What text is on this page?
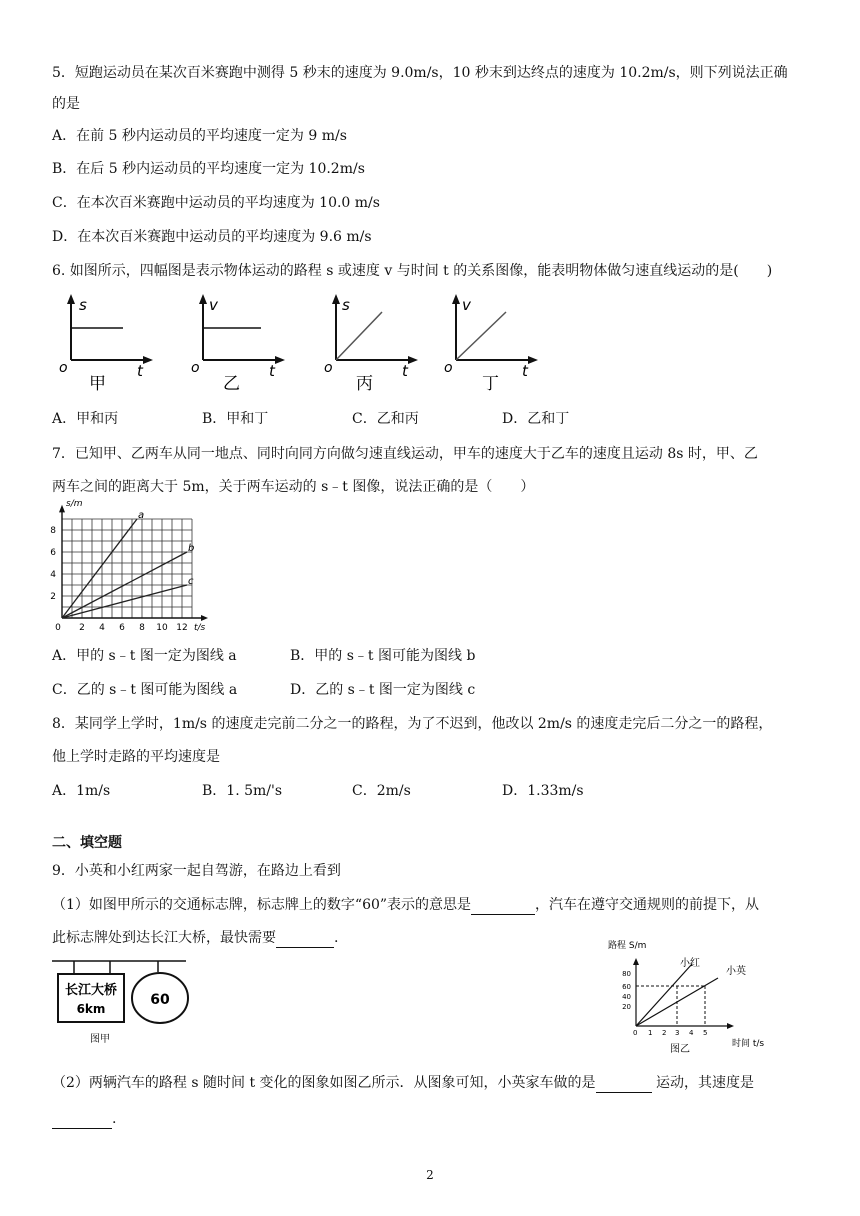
5．短跑运动员在某次百米赛跑中测得 5 秒末的速度为 9.0m/s，10 秒末到达终点的速度为 10.2m/s，则下列说法正确
的是
A．在前 5 秒内运动员的平均速度一定为 9 m/s
B．在后 5 秒内运动员的平均速度一定为 10.2m/s
C．在本次百米赛跑中运动员的平均速度为 10.0 m/s
D．在本次百米赛跑中运动员的平均速度为 9.6 m/s
6. 如图所示，四幅图是表示物体运动的路程 s 或速度 v 与时间 t 的关系图像，能表明物体做匀速直线运动的是(　　)
s
o	t
甲
v
o	t
乙
s
o	t
丙
v
o	t
丁
A．甲和丙	B．甲和丁	C．乙和丙	D．乙和丁
7．已知甲、乙两车从同一地点、同时向同方向做匀速直线运动，甲车的速度大于乙车的速度且运动 8s 时，甲、乙
两车之间的距离大于 5m，关于两车运动的 s﹣t 图像，说法正确的是（　　）
2
4
6
8
0 2 4 6 8 10 12
s/m
t/s
a
b
c
A．甲的 s﹣t 图一定为图线 a	B．甲的 s﹣t 图可能为图线 b
C．乙的 s﹣t 图可能为图线 a	D．乙的 s﹣t 图一定为图线 c
8．某同学上学时，1m/s 的速度走完前二分之一的路程，为了不迟到，他改以 2m/s 的速度走完后二分之一的路程，
他上学时走路的平均速度是
A．1m/s	B．1. 5m/'s	C．2m/s	D．1.33m/s
二、填空题
9．小英和小红两家一起自驾游，在路边上看到
（1）如图甲所示的交通标志牌，标志牌上的数字“60”表示的意思是	，汽车在遵守交通规则的前提下，从
此标志牌处到达长江大桥，最快需要	.
长江大桥
6km
60
图甲
路程 S/m
小红
小英
20
40
60
80
0 1 2 3 4 5
时间 t/s
图乙
（2）两辆汽车的路程 s 随时间 t 变化的图象如图乙所示．从图象可知，小英家车做的是	运动，其速度是
.
2
